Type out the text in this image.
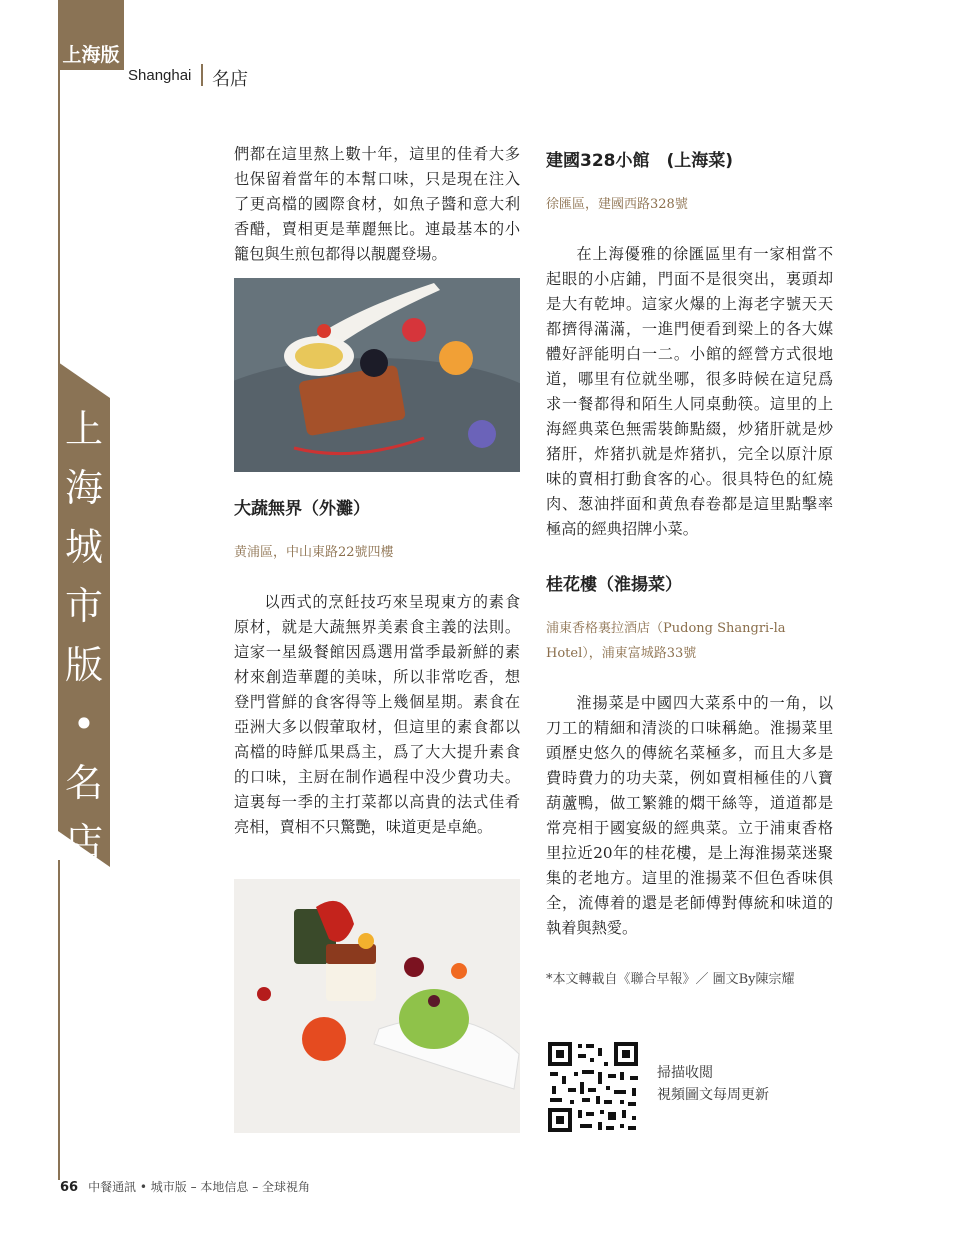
上海版
Shanghai 名店
上
海
城
市
版
•
名
店

們都在這里熬上數十年，這里的佳肴大多也保留着當年的本幫口味，只是現在注入了更高檔的國際食材，如魚子醬和意大利香醋，賣相更是華麗無比。連最基本的小籠包與生煎包都得以靚麗登場。

大蔬無界（外灘）
黄浦區，中山東路22號四樓

以西式的烹飪技巧來呈現東方的素食原材，就是大蔬無界美素食主義的法則。這家一星級餐館因爲選用當季最新鮮的素材來創造華麗的美味，所以非常吃香，想登門嘗鮮的食客得等上幾個星期。素食在亞洲大多以假葷取材，但這里的素食都以高檔的時鮮瓜果爲主，爲了大大提升素食的口味，主厨在制作過程中没少費功夫。這裏每一季的主打菜都以高貴的法式佳肴亮相，賣相不只驚艷，味道更是卓絶。

建國328小館　(上海菜)
徐匯區，建國西路328號

在上海優雅的徐匯區里有一家相當不起眼的小店鋪，門面不是很突出，裏頭却是大有乾坤。這家火爆的上海老字號天天都擠得滿滿，一進門便看到梁上的各大媒體好評能明白一二。小館的經營方式很地道，哪里有位就坐哪，很多時候在這兒爲求一餐都得和陌生人同桌動筷。這里的上海經典菜色無需裝飾點綴，炒猪肝就是炒猪肝，炸猪扒就是炸猪扒，完全以原汁原味的賣相打動食客的心。很具特色的紅燒肉、葱油拌面和黄魚春卷都是這里點擊率極高的經典招牌小菜。

桂花樓（淮揚菜）
浦東香格裏拉酒店（Pudong Shangri-la Hotel），浦東富城路33號

淮揚菜是中國四大菜系中的一角，以刀工的精細和清淡的口味稱絶。淮揚菜里頭歷史悠久的傳統名菜極多，而且大多是費時費力的功夫菜，例如賣相極佳的八寶葫蘆鴨，做工繁雜的燜干絲等，道道都是常亮相于國宴級的經典菜。立于浦東香格里拉近20年的桂花樓，是上海淮揚菜迷聚集的老地方。這里的淮揚菜不但色香味俱全，流傳着的還是老師傅對傳統和味道的執着與熱愛。

*本文轉載自《聯合早報》／ 圖文By陳宗耀
掃描收閲
視頻圖文每周更新
66 中餐通訊 • 城市版 – 本地信息 – 全球視角
